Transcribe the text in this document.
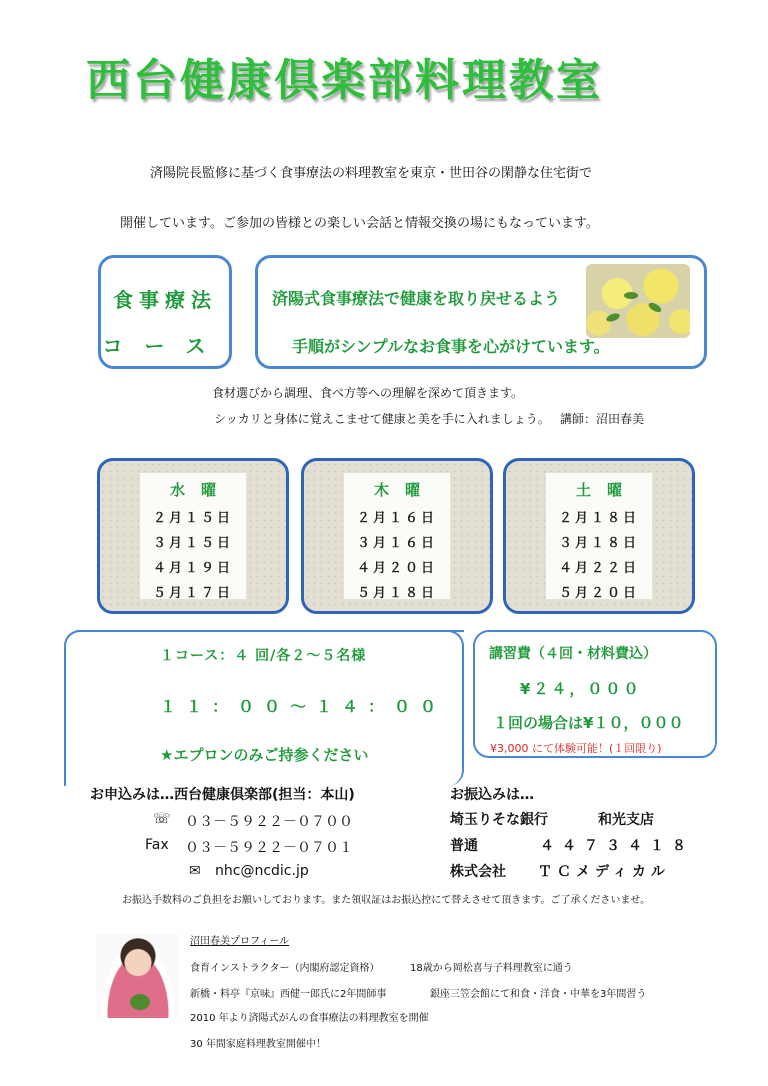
西台健康倶楽部料理教室
済陽院長監修に基づく食事療法の料理教室を東京・世田谷の閑静な住宅街で
開催しています。ご参加の皆様との楽しい会話と情報交換の場にもなっています。
食事療法
コース
済陽式食事療法で健康を取り戻せるよう
手順がシンプルなお食事を心がけています。
食材選びから調理、食べ方等への理解を深めて頂きます。
シッカリと身体に覚えこませて健康と美を手に入れましょう。 講師：沼田春美
水曜
２月１５日
３月１５日
４月１９日
５月１７日
木曜
２月１６日
３月１６日
４月２０日
５月１８日
土曜
２月１８日
３月１８日
４月２２日
５月２０日
１コース：４ 回/各２～５名様
１１：００～１４：００
★エプロンのみご持参ください
講習費（４回・材料費込）
¥２４，０００
１回の場合は¥１０，０００
¥3,000 にて体験可能！(１回限り)
お申込みは…西台健康倶楽部(担当：本山)
☏ ０３－５９２２－０７００
Fax ０３－５９２２－０７０１
✉ nhc@ncdic.jp
お振込みは…
埼玉りそな銀行	和光支店
普通	４４７３４１８
株式会社 ＴＣメディカル
お振込手数料のご負担をお願いしております。また領収証はお振込控にて替えさせて頂きます。ご了承くださいませ。
沼田春美プロフィール
食育インストラクター（内閣府認定資格）	18歳から岡松喜与子料理教室に通う
新橋・料亭『京味』西健一郎氏に2年間師事	銀座三笠会館にて和食・洋食・中華を3年間習う
2010 年より済陽式がんの食事療法の料理教室を開催
30 年間家庭料理教室開催中！
